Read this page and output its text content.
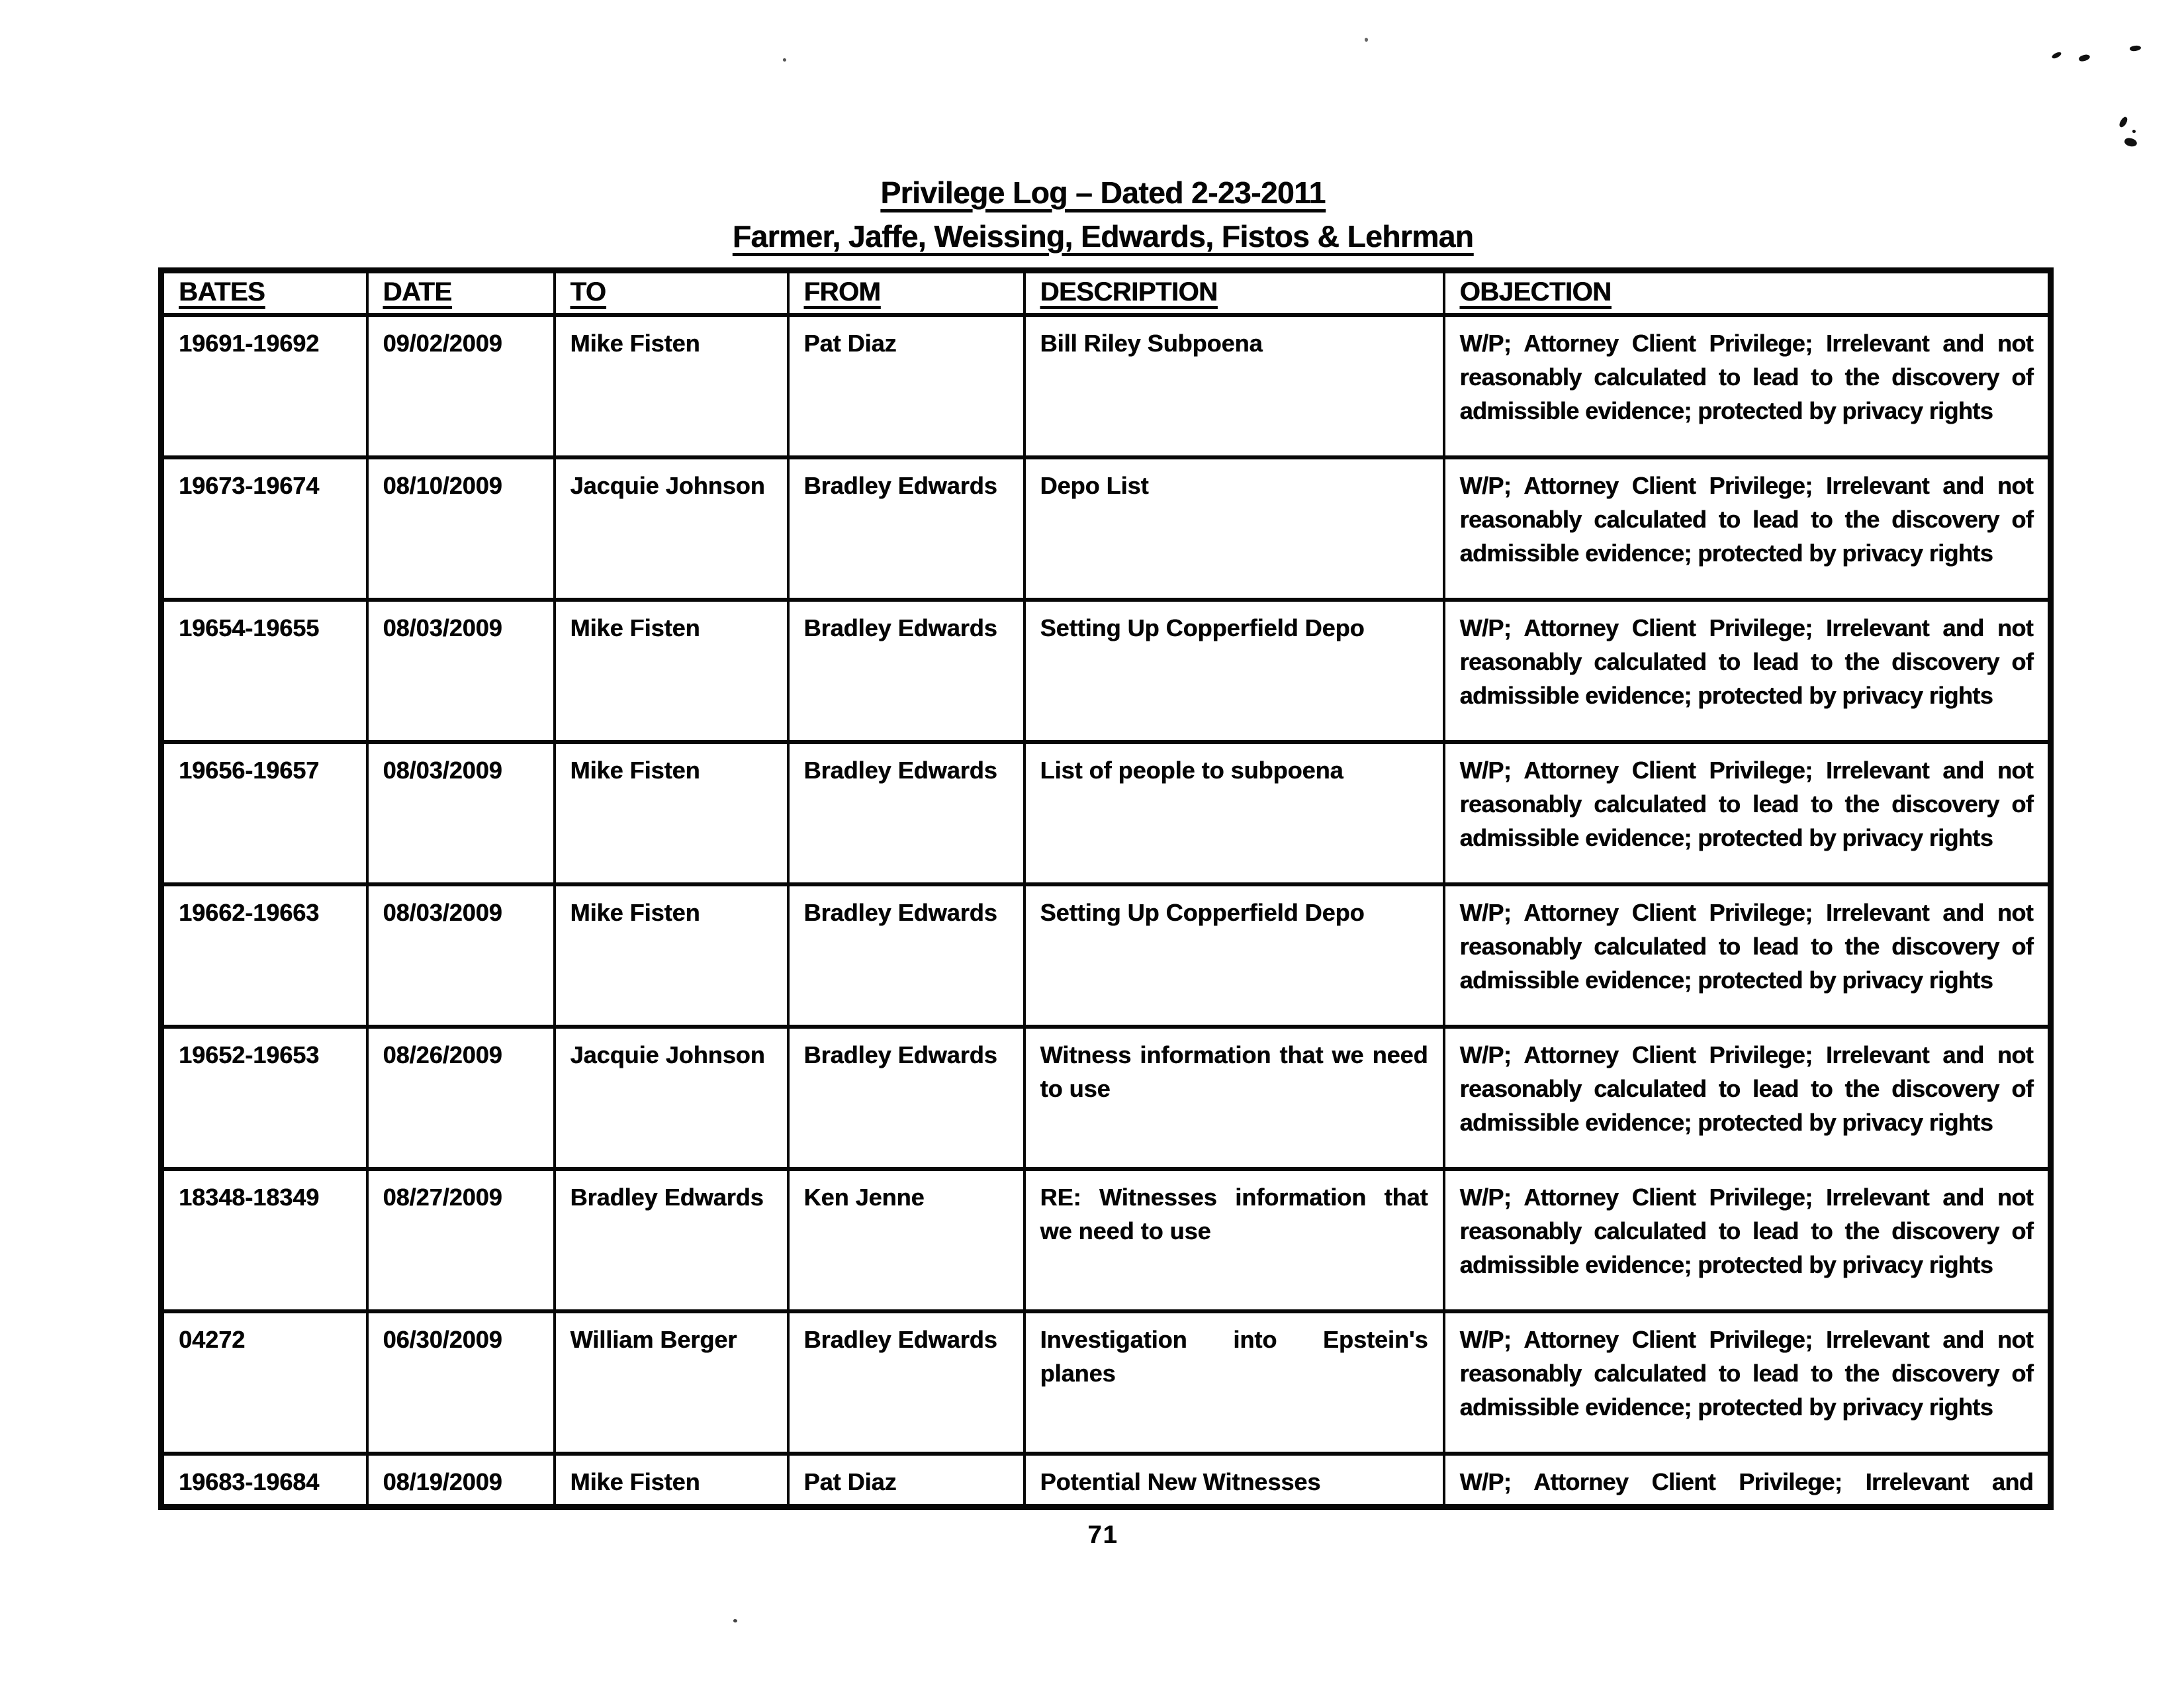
Privilege Log – Dated 2-23-2011
Farmer, Jaffe, Weissing, Edwards, Fistos & Lehrman
BATES	DATE	TO	FROM	DESCRIPTION	OBJECTION
19691-19692	09/02/2009	Mike Fisten	Pat Diaz	Bill Riley Subpoena	W/P; Attorney Client Privilege; Irrelevant and not reasonably calculated to lead to the discovery of admissible evidence; protected by privacy rights
19673-19674	08/10/2009	Jacquie Johnson	Bradley Edwards	Depo List	W/P; Attorney Client Privilege; Irrelevant and not reasonably calculated to lead to the discovery of admissible evidence; protected by privacy rights
19654-19655	08/03/2009	Mike Fisten	Bradley Edwards	Setting Up Copperfield Depo	W/P; Attorney Client Privilege; Irrelevant and not reasonably calculated to lead to the discovery of admissible evidence; protected by privacy rights
19656-19657	08/03/2009	Mike Fisten	Bradley Edwards	List of people to subpoena	W/P; Attorney Client Privilege; Irrelevant and not reasonably calculated to lead to the discovery of admissible evidence; protected by privacy rights
19662-19663	08/03/2009	Mike Fisten	Bradley Edwards	Setting Up Copperfield Depo	W/P; Attorney Client Privilege; Irrelevant and not reasonably calculated to lead to the discovery of admissible evidence; protected by privacy rights
19652-19653	08/26/2009	Jacquie Johnson	Bradley Edwards	Witness information that we need to use	W/P; Attorney Client Privilege; Irrelevant and not reasonably calculated to lead to the discovery of admissible evidence; protected by privacy rights
18348-18349	08/27/2009	Bradley Edwards	Ken Jenne	RE: Witnesses information that we need to use	W/P; Attorney Client Privilege; Irrelevant and not reasonably calculated to lead to the discovery of admissible evidence; protected by privacy rights
04272	06/30/2009	William Berger	Bradley Edwards	Investigation into Epstein's planes	W/P; Attorney Client Privilege; Irrelevant and not reasonably calculated to lead to the discovery of admissible evidence; protected by privacy rights
19683-19684	08/19/2009	Mike Fisten	Pat Diaz	Potential New Witnesses	W/P; Attorney Client Privilege; Irrelevant and
71
